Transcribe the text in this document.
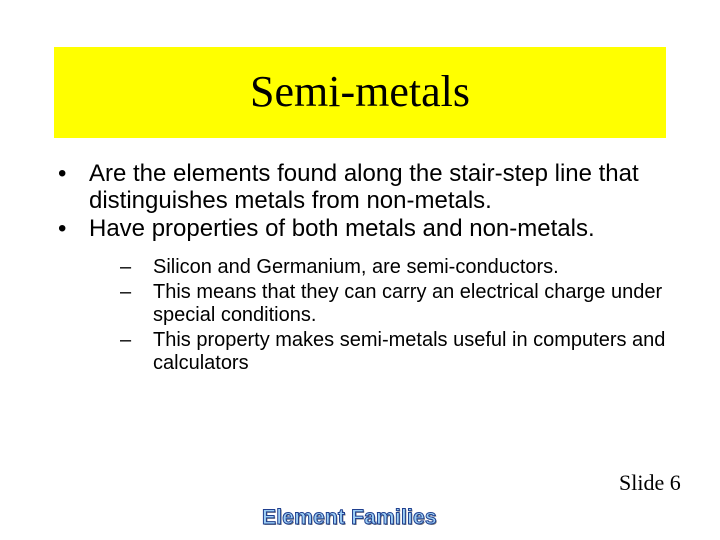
Semi-metals
• Are the elements found along the stair-step line that distinguishes metals from non-metals.
• Have properties of both metals and non-metals.
– Silicon and Germanium, are semi-conductors.
– This means that they can carry an electrical charge under special conditions.
– This property makes semi-metals useful in computers and calculators
Element Families
Slide 6
